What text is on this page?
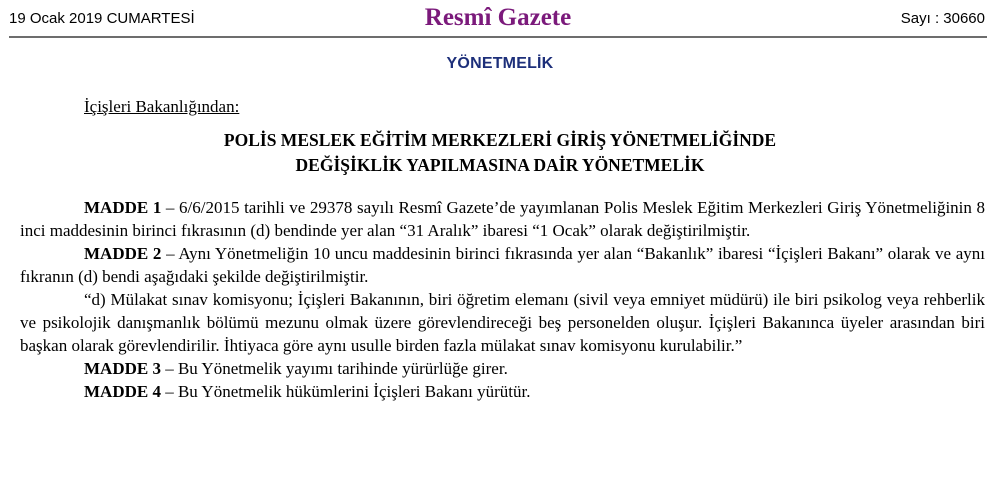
19 Ocak 2019 CUMARTESİ	Resmî Gazete	Sayı : 30660
YÖNETMELİK
İçişleri Bakanlığından:
POLİS MESLEK EĞİTİM MERKEZLERİ GİRİŞ YÖNETMELİĞİNDE
DEĞİŞİKLİK YAPILMASINA DAİR YÖNETMELİK

MADDE 1 – 6/6/2015 tarihli ve 29378 sayılı Resmî Gazete’de yayımlanan Polis Meslek Eğitim Merkezleri Giriş Yönetmeliğinin 8 inci maddesinin birinci fıkrasının (d) bendinde yer alan “31 Aralık” ibaresi “1 Ocak” olarak değiştirilmiştir.

MADDE 2 – Aynı Yönetmeliğin 10 uncu maddesinin birinci fıkrasında yer alan “Bakanlık” ibaresi “İçişleri Bakanı” olarak ve aynı fıkranın (d) bendi aşağıdaki şekilde değiştirilmiştir.

“d) Mülakat sınav komisyonu; İçişleri Bakanının, biri öğretim elemanı (sivil veya emniyet müdürü) ile biri psikolog veya rehberlik ve psikolojik danışmanlık bölümü mezunu olmak üzere görevlendireceği beş personelden oluşur. İçişleri Bakanınca üyeler arasından biri başkan olarak görevlendirilir. İhtiyaca göre aynı usulle birden fazla mülakat sınav komisyonu kurulabilir.”

MADDE 3 – Bu Yönetmelik yayımı tarihinde yürürlüğe girer.

MADDE 4 – Bu Yönetmelik hükümlerini İçişleri Bakanı yürütür.
